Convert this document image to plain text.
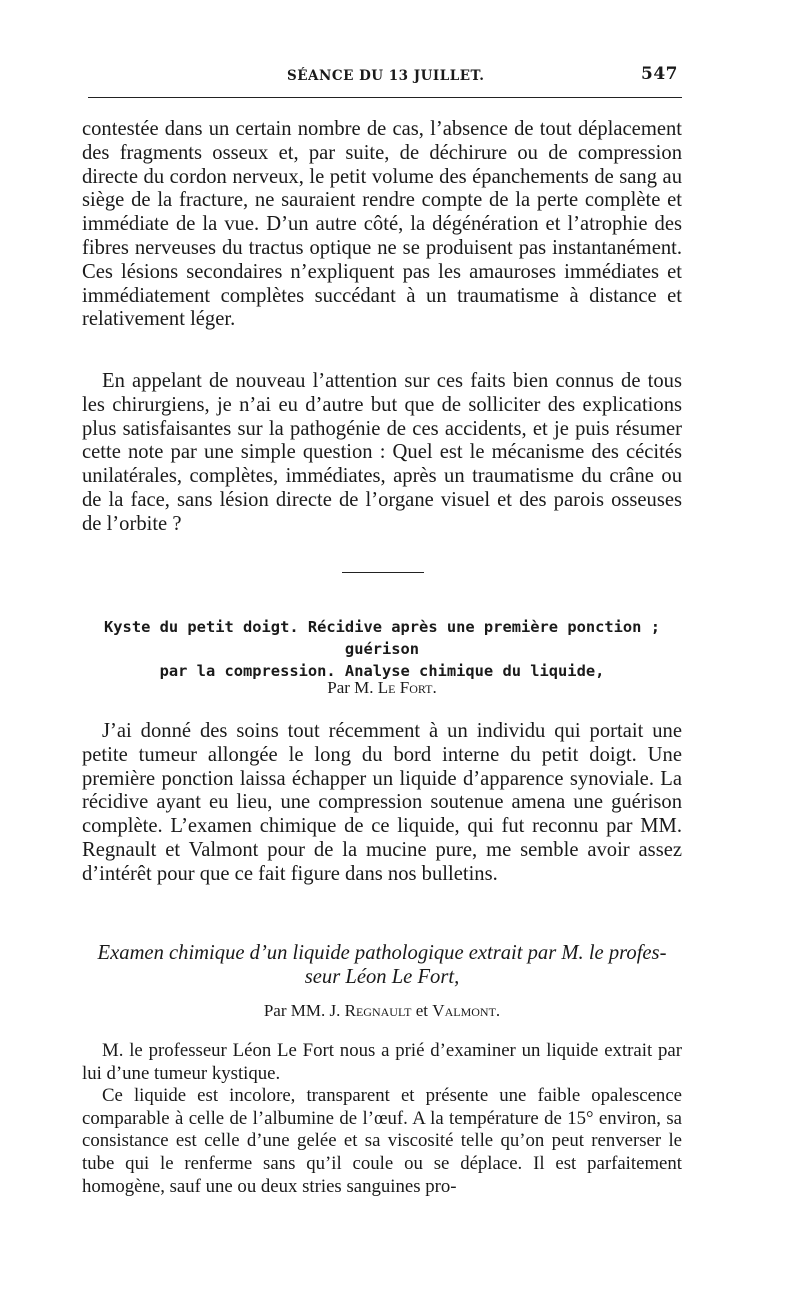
SÉANCE DU 13 JUILLET.	547

contestée dans un certain nombre de cas, l’absence de tout déplacement des fragments osseux et, par suite, de déchirure ou de compression directe du cordon nerveux, le petit volume des épanchements de sang au siège de la fracture, ne sauraient rendre compte de la perte complète et immédiate de la vue. D’un autre côté, la dégénération et l’atrophie des fibres nerveuses du tractus optique ne se produisent pas instantanément. Ces lésions secondaires n’expliquent pas les amauroses immédiates et immédiatement complètes succédant à un traumatisme à distance et relativement léger.

En appelant de nouveau l’attention sur ces faits bien connus de tous les chirurgiens, je n’ai eu d’autre but que de solliciter des explications plus satisfaisantes sur la pathogénie de ces accidents, et je puis résumer cette note par une simple question : Quel est le mécanisme des cécités unilatérales, complètes, immédiates, après un traumatisme du crâne ou de la face, sans lésion directe de l’organe visuel et des parois osseuses de l’orbite ?

Kyste du petit doigt. Récidive après une première ponction ; guérison
par la compression. Analyse chimique du liquide,

Par M. Le Fort.

J’ai donné des soins tout récemment à un individu qui portait une petite tumeur allongée le long du bord interne du petit doigt. Une première ponction laissa échapper un liquide d’apparence synoviale. La récidive ayant eu lieu, une compression soutenue amena une guérison complète. L’examen chimique de ce liquide, qui fut reconnu par MM. Regnault et Valmont pour de la mucine pure, me semble avoir assez d’intérêt pour que ce fait figure dans nos bulletins.

Examen chimique d’un liquide pathologique extrait par M. le profes-
seur Léon Le Fort,

Par MM. J. Regnault et Valmont.

M. le professeur Léon Le Fort nous a prié d’examiner un liquide extrait par lui d’une tumeur kystique.

Ce liquide est incolore, transparent et présente une faible opalescence comparable à celle de l’albumine de l’œuf. A la température de 15° environ, sa consistance est celle d’une gelée et sa viscosité telle qu’on peut renverser le tube qui le renferme sans qu’il coule ou se déplace. Il est parfaitement homogène, sauf une ou deux stries sanguines pro-
